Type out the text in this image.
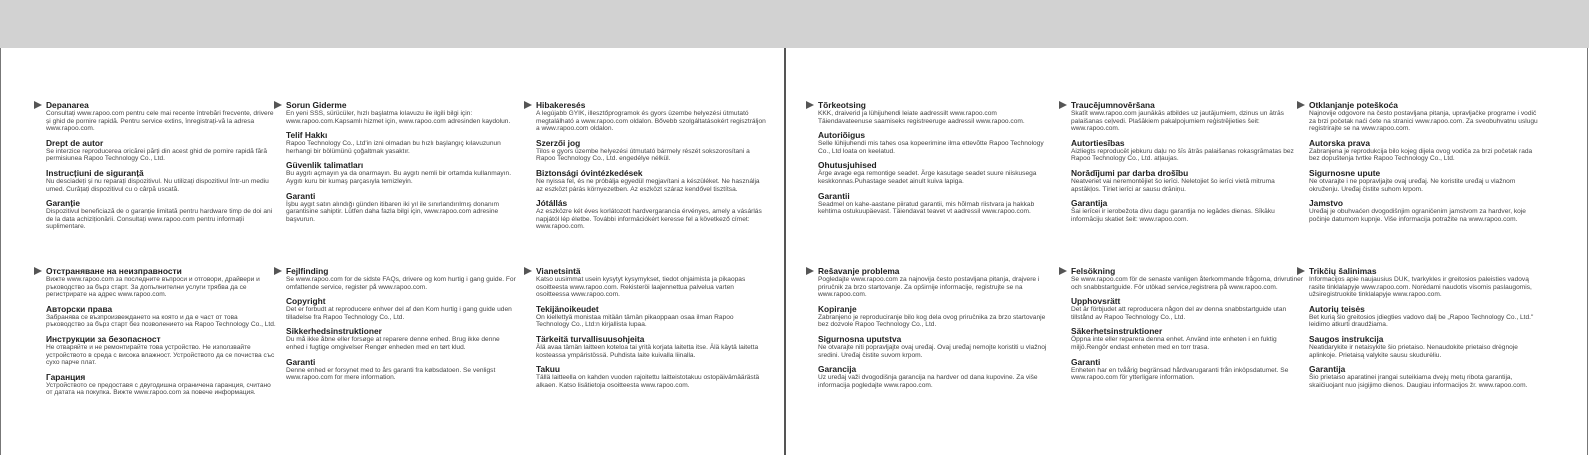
Depanarea
Consultați www.rapoo.com pentru cele mai recente întrebări frecvente, drivere și ghid de pornire rapidă. Pentru service extins, înregistrați-vă la adresa www.rapoo.com.
Drept de autor
Se interzice reproducerea oricărei părți din acest ghid de pornire rapidă fără permisiunea Rapoo Technology Co., Ltd.
Instrucțiuni de siguranță
Nu desciadeți și nu reparați dispozitivul. Nu utilizați dispozitivul într-un mediu umed. Curățați dispozitivul cu o cârpă uscată.
Garanție
Dispozitivul beneficiază de o garanție limitată pentru hardware timp de doi ani de la data achiziționării. Consultați www.rapoo.com pentru informații suplimentare.
Sorun Giderme
En yeni SSS, sürücüler, hızlı başlatma kılavuzu ile ilgili bilgi için: www.rapoo.com.Kapsamlı hizmet için, www.rapoo.com adresinden kaydolun.
Telif Hakkı
Rapoo Technology Co., Ltd'in izni olmadan bu hızlı başlangıç kılavuzunun herhangi bir bölümünü çoğaltmak yasaktır.
Güvenlik talimatları
Bu aygıtı açmayın ya da onarmayın. Bu aygıtı nemli bir ortamda kullanmayın. Aygıtı kuru bir kumaş parçasıyla temizleyin.
Garanti
İşbu aygıt satın alındığı günden itibaren iki yıl ile sınırlandırılmış donanım garantisine sahiptir. Lütfen daha fazla bilgi için, www.rapoo.com adresine başvurun.
Hibakeresés
A legújabb GYIK, illesztőprogramok és gyors üzembe helyezési útmutató megtalálható a www.rapoo.com oldalon. Bővebb szolgáltatásokért regisztráljon a www.rapoo.com oldalon.
Szerzői jog
Tilos e gyors üzembe helyezési útmutató bármely részét sokszorosítani a Rapoo Technology Co., Ltd. engedélye nélkül.
Biztonsági óvintézkedések
Ne nyissa fel, és ne próbálja egyedül megjavítani a készüléket. Ne használja az eszközt párás környezetben. Az eszközt száraz kendővel tisztítsa.
Jótállás
Az eszközre két éves korlátozott hardvergarancia érvényes, amely a vásárlás napjától lép életbe. További információkért keresse fel a következő címet: www.rapoo.com.
Отстраняване на неизправности
Вижте www.rapoo.com за последните въпроси и отговори, драйвери и ръководство за бърз старт. За допълнителни услуги трябва да се регистрирате на адрес www.rapoo.com.
Авторски права
Забранява се възпроизвеждането на която и да е част от това ръководство за бърз старт без позволението на Rapoo Technology Co., Ltd.
Инструкции за безопасност
Не отваряйте и не ремонтирайте това устройство. Не използвайте устройството в среда с висока влажност. Устройството да се почиства със сухо парче плат.
Гаранция
Устройството се предоставя с двугодишна ограничена гаранция, считано от датата на покупка. Вижте www.rapoo.com за повече информация.
Fejlfinding
Se www.rapoo.com for de sidste FAQs, drivere og kom hurtig i gang guide. For omfattende service, register på www.rapoo.com.
Copyright
Det er forbudt at reproducere enhver del af den Kom hurtig i gang guide uden tilladelse fra Rapoo Technology Co., Ltd.
Sikkerhedsinstruktioner
Du må ikke åbne eller forsøge at reparere denne enhed. Brug ikke denne enhed i fugtige omgivelser Rengør enheden med en tørt klud.
Garanti
Denne enhed er forsynet med to års garanti fra købsdatoen. Se venligst www.rapoo.com for mere information.
Vianetsintä
Katso uusimmat usein kysytyt kysymykset, tiedot ohjaimista ja pikaopas osoitteesta www.rapoo.com. Rekisteröi laajennettua palvelua varten osoitteessa www.rapoo.com.
Tekijänoikeudet
On kiellettyä monistaa mitään tämän pikaoppaan osaa ilman Rapoo Technology Co., Ltd:n kirjallista lupaa.
Tärkeitä turvallisuusohjeita
Älä avaa tämän laitteen koteloa tai yritä korjata laitetta itse. Älä käytä laitetta kosteassa ympäristössä. Puhdista laite kuivalla liinalla.
Takuu
Tällä laitteella on kahden vuoden rajoitettu laitteistotakuu ostopäivämäärästä alkaen. Katso lisätietoja osoitteesta www.rapoo.com.
Tõrkeotsing
KKK, draiverid ja lühijuhendi leiate aadressilt www.rapoo.com Täiendavateenuse saamiseks registreeruge aadressil www.rapoo.com.
Autoriõigus
Selle lühijuhendi mis tahes osa kopeerimine ilma ettevõtte Rapoo Technology Co., Ltd loata on keelatud.
Ohutusjuhised
Ärge avage ega remontige seadet. Ärge kasutage seadet suure niiskusega keskkonnas.Puhastage seadet ainult kuiva lapiga.
Garantii
Seadmel on kahe-aastane piiratud garantii, mis hõlmab riistvara ja hakkab kehtima ostukuupäevast. Täiendavat teavet vt aadressil www.rapoo.com.
Traucējumnovēršana
Skatīt www.rapoo.com jaunākās atbildes uz jautājumiem, dzinus un ātrās palaišanas ceļvedi. Plašākiem pakalpojumiem reģistrējieties šeit: www.rapoo.com.
Autortiesības
Aizliegts reproducēt jebkuru daļu no šīs ātrās palaišanas rokasgrāmatas bez Rapoo Technology Co., Ltd. atļaujas.
Norādījumi par darba drošību
Neatveriet vai neremontējiet šo ierīci. Neletojiet šo ierīci vietā mitruma apstākļos. Tīriet ierīci ar sausu drāniņu.
Garantija
Šai ierīcei ir ierobežota divu dagu garantija no iegādes dienas. Sīkāku informāciju skatiet šeit: www.rapoo.com.
Otklanjanje poteškoća
Najnovije odgovore na često postavljana pitanja, upravljačke programe i vodič za brzi početak naći ćete na stranici www.rapoo.com. Za sveobuhvatnu uslugu registrirajte se na www.rapoo.com.
Autorska prava
Zabranjena je reprodukcija bilo kojeg dijela ovog vodiča za brzi početak rada bez dopuštenja tvrtke Rapoo Technology Co., Ltd.
Sigurnosne upute
Ne otvarajte i ne popravljajte ovaj uređaj. Ne koristite uređaj u vlažnom okruženju. Uređaj čistite suhom krpom.
Jamstvo
Uređaj je obuhvaćen dvogodišnjim ograničenim jamstvom za hardver, koje počinje datumom kupnje. Više informacija potražite na www.rapoo.com.
Rešavanje problema
Pogledajte www.rapoo.com za najnovija često postavljana pitanja, drajvere i priručnik za brzo startovanje. Za opširnije informacije, registrujte se na www.rapoo.com.
Kopiranje
Zabranjeno je reproduciranje bilo kog dela ovog priručnika za brzo startovanje bez dozvole Rapoo Technology Co., Ltd.
Sigurnosna uputstva
Ne otvarajte niti popravljajte ovaj uređaj. Ovaj uređaj nemojte koristiti u vlažnoj sredini. Uređaj čistite suvom krpom.
Garancija
Uz uređaj važi dvogodišnja garancija na hardver od dana kupovine. Za više informacija pogledajte www.rapoo.com.
Felsökning
Se www.rapoo.com för de senaste vanligen återkommande frågorna, drivrutiner och snabbstartguide. För utökad service,registrera på www.rapoo.com.
Upphovsrätt
Det är förbjudet att reproducera någon del av denna snabbstartguide utan tillstånd av Rapoo Technology Co., Ltd.
Säkerhetsinstruktioner
Öppna inte eller reparera denna enhet. Använd inte enheten i en fuktig miljö.Rengör endast enheten med en torr trasa.
Garanti
Enheten har en tvåårig begränsad hårdvarugaranti från inköpsdatumet. Se www.rapoo.com för ytterligare information.
Trikčių šalinimas
Informacijos apie naujausius DUK, tvarkykles ir greitosios paleisties vadovą rasite tinklalapyje www.rapoo.com. Norėdami naudotis visomis paslaugomis, užsiregistruokite tinklalapyje www.rapoo.com.
Autorių teisės
Bet kurią šio greitosios įdiegties vadovo dalį be „Rapoo Technology Co., Ltd." leidimo atkurti draudžiama.
Saugos instrukcija
Neatidarykite ir netaisykite šio prietaiso. Nenaudokite prietaiso drėgnoje aplinkoje. Prietaisą valykite sausu skudurėliu.
Garantija
Šio prietaiso aparatinei įrangai suteikiama dvejų metų ribota garantija, skaičiuojant nuo įsigijimo dienos. Daugiau informacijos žr. www.rapoo.com.
